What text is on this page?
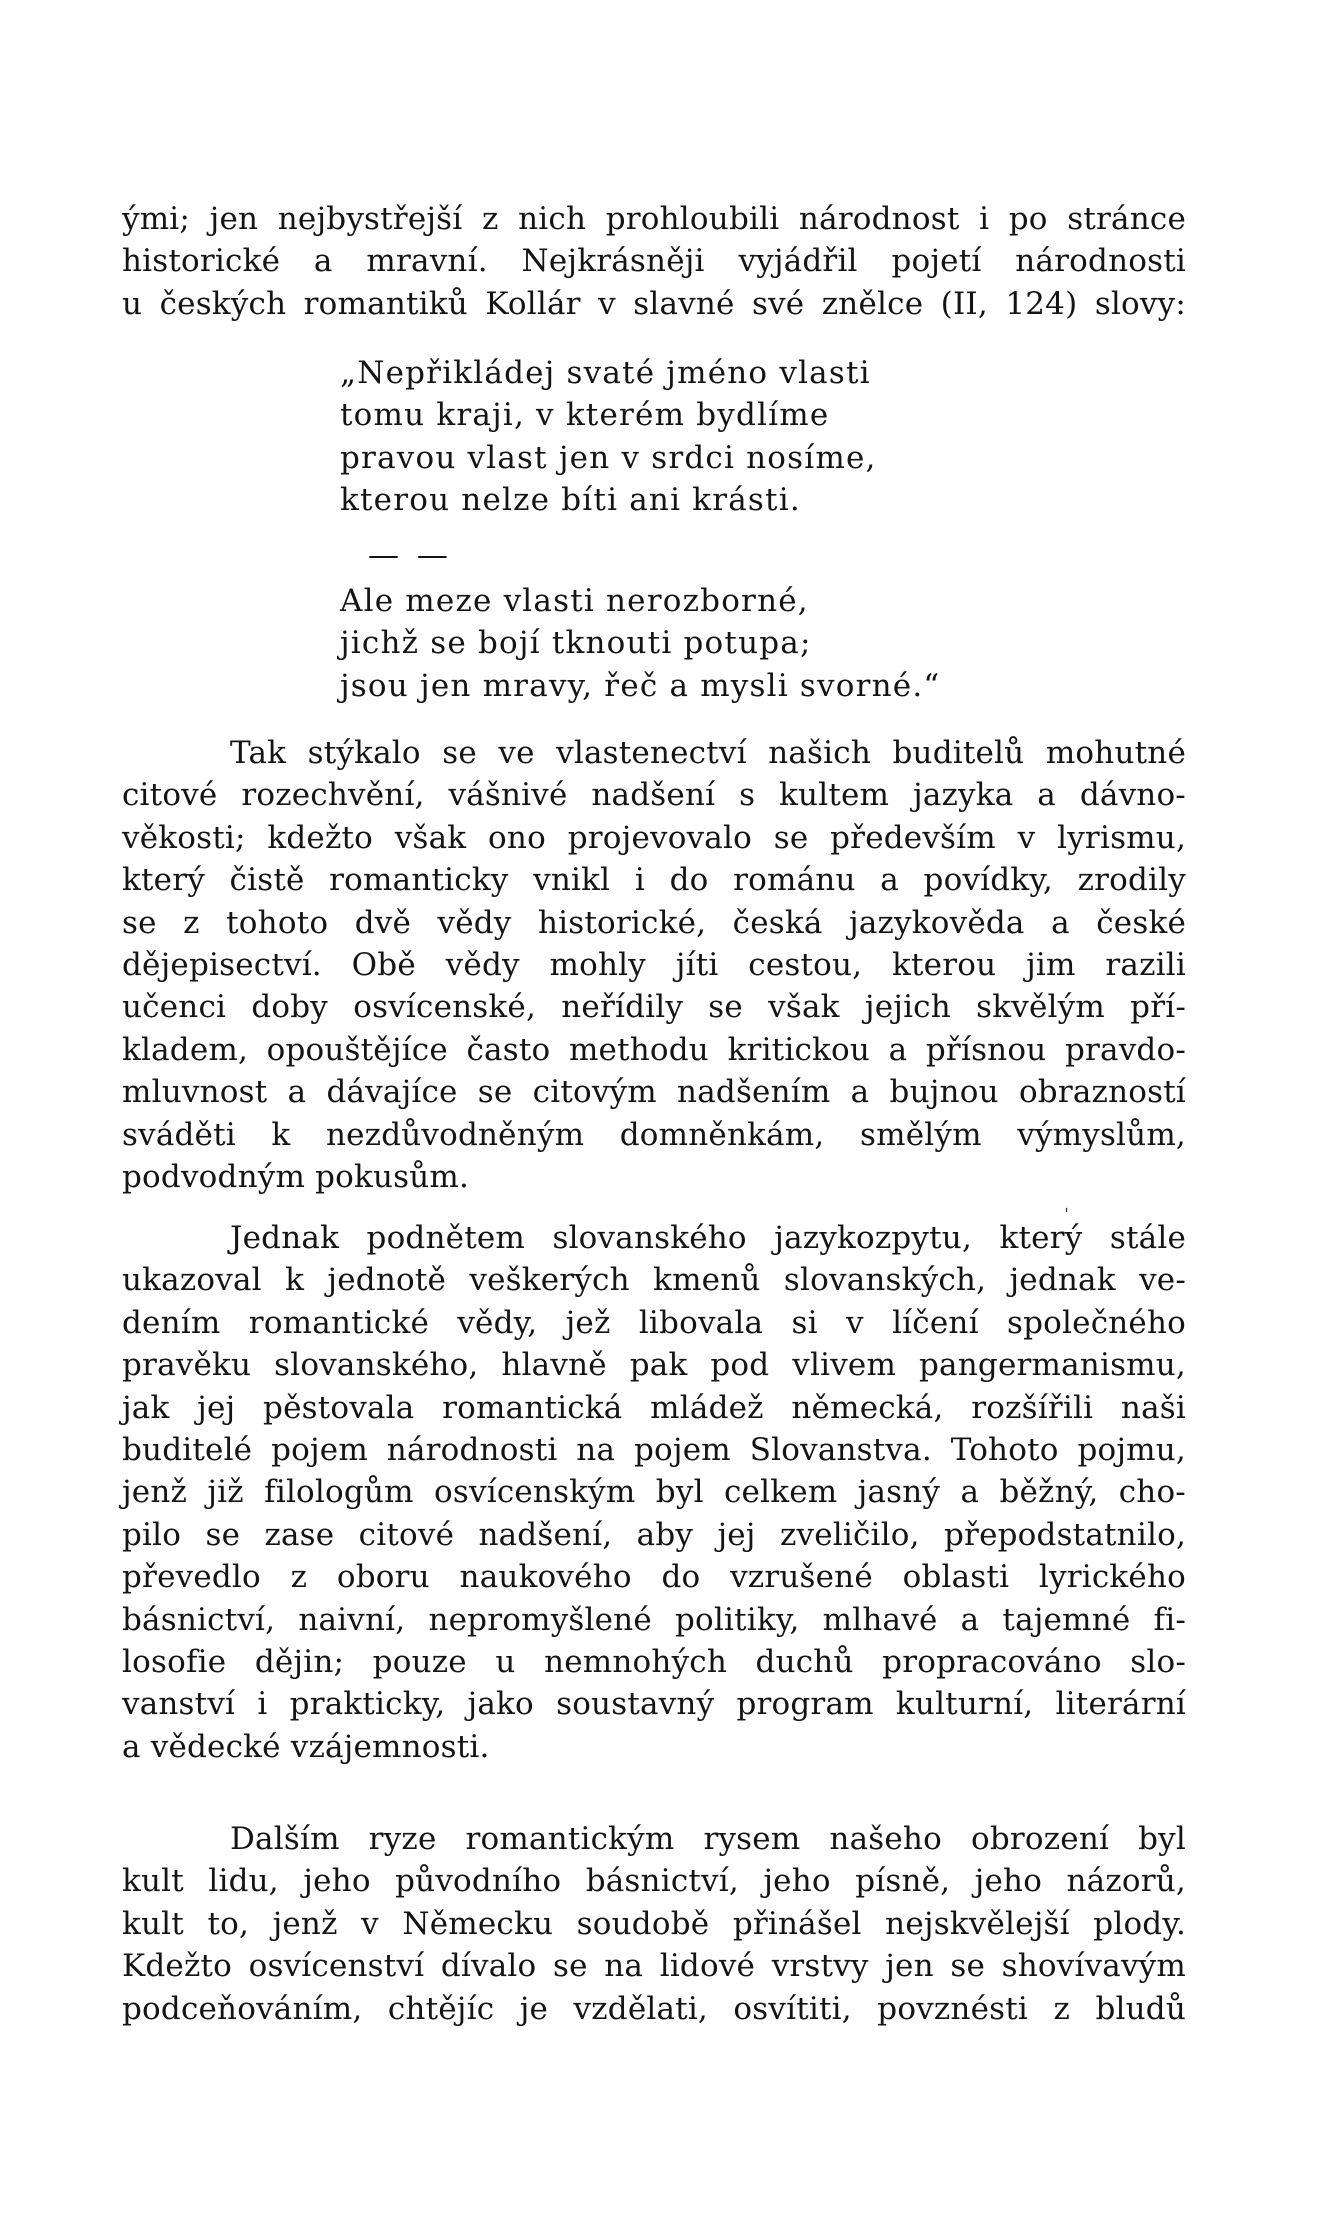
ými; jen nejbystřejší z nich prohloubili národnost i po stránce
historické a mravní. Nejkrásněji vyjádřil pojetí národnosti
u českých romantiků Kollár v slavné své znělce (II, 124) slovy:
„Nepřikládej svaté jméno vlasti
tomu kraji, v kterém bydlíme
pravou vlast jen v srdci nosíme,
kterou nelze bíti ani krásti.
— —
Ale meze vlasti nerozborné,
jichž se bojí tknouti potupa;
jsou jen mravy, řeč a mysli svorné.“
Tak stýkalo se ve vlastenectví našich buditelů mohutné
citové rozechvění, vášnivé nadšení s kultem jazyka a dávno-
věkosti; kdežto však ono projevovalo se především v lyrismu,
který čistě romanticky vnikl i do románu a povídky, zrodily
se z tohoto dvě vědy historické, česká jazykověda a české
dějepisectví. Obě vědy mohly jíti cestou, kterou jim razili
učenci doby osvícenské, neřídily se však jejich skvělým pří-
kladem, opouštějíce často methodu kritickou a přísnou pravdo-
mluvnost a dávajíce se citovým nadšením a bujnou obrazností
sváděti k nezdůvodněným domněnkám, smělým výmyslům,
podvodným pokusům.
ˌ
Jednak podnětem slovanského jazykozpytu, který stále
ukazoval k jednotě veškerých kmenů slovanských, jednak ve-
dením romantické vědy, jež libovala si v líčení společného
pravěku slovanského, hlavně pak pod vlivem pangermanismu,
jak jej pěstovala romantická mládež německá, rozšířili naši
buditelé pojem národnosti na pojem Slovanstva. Tohoto pojmu,
jenž již filologům osvícenským byl celkem jasný a běžný, cho-
pilo se zase citové nadšení, aby jej zveličilo, přepodstatnilo,
převedlo z oboru naukového do vzrušené oblasti lyrického
básnictví, naivní, nepromyšlené politiky, mlhavé a tajemné fi-
losofie dějin; pouze u nemnohých duchů propracováno slo-
vanství i prakticky, jako soustavný program kulturní, literární
a vědecké vzájemnosti.
Dalším ryze romantickým rysem našeho obrození byl
kult lidu, jeho původního básnictví, jeho písně, jeho názorů,
kult to, jenž v Německu soudobě přinášel nejskvělejší plody.
Kdežto osvícenství dívalo se na lidové vrstvy jen se shovívavým
podceňováním, chtějíc je vzdělati, osvítiti, povznésti z bludů
